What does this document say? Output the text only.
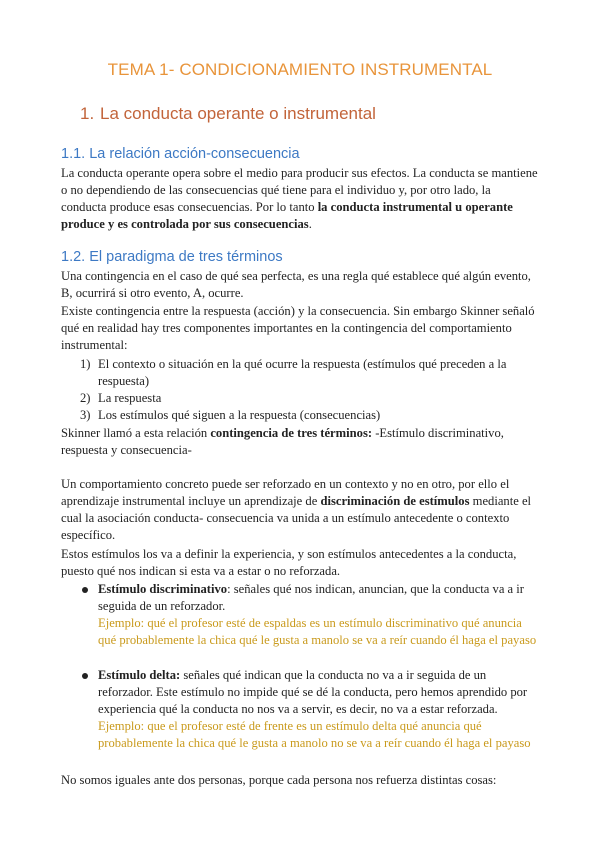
TEMA 1- CONDICIONAMIENTO INSTRUMENTAL
1. La conducta operante o instrumental
1.1. La relación acción-consecuencia
La conducta operante opera sobre el medio para producir sus efectos. La conducta se mantiene o no dependiendo de las consecuencias qué tiene para el individuo y, por otro lado, la conducta produce esas consecuencias. Por lo tanto la conducta instrumental u operante produce y es controlada por sus consecuencias.
1.2. El paradigma de tres términos
Una contingencia en el caso de qué sea perfecta, es una regla qué establece qué algún evento, B, ocurrirá si otro evento, A, ocurre.
Existe contingencia entre la respuesta (acción) y la consecuencia. Sin embargo Skinner señaló qué en realidad hay tres componentes importantes en la contingencia del comportamiento instrumental:
1) El contexto o situación en la qué ocurre la respuesta (estímulos qué preceden a la respuesta)
2) La respuesta
3) Los estímulos qué siguen a la respuesta (consecuencias)
Skinner llamó a esta relación contingencia de tres términos: -Estímulo discriminativo, respuesta y consecuencia-
Un comportamiento concreto puede ser reforzado en un contexto y no en otro, por ello el aprendizaje instrumental incluye un aprendizaje de discriminación de estímulos mediante el cual la asociación conducta- consecuencia va unida a un estímulo antecedente o contexto específico.
Estos estímulos los va a definir la experiencia, y son estímulos antecedentes a la conducta, puesto qué nos indican si esta va a estar o no reforzada.
Estímulo discriminativo: señales qué nos indican, anuncian, que la conducta va a ir seguida de un reforzador.
Ejemplo: qué el profesor esté de espaldas es un estímulo discriminativo qué anuncia qué probablemente la chica qué le gusta a manolo se va a reír cuando él haga el payaso
Estímulo delta: señales qué indican que la conducta no va a ir seguida de un reforzador. Este estímulo no impide qué se dé la conducta, pero hemos aprendido por experiencia qué la conducta no nos va a servir, es decir, no va a estar reforzada.
Ejemplo: que el profesor esté de frente es un estímulo delta qué anuncia qué probablemente la chica qué le gusta a manolo no se va a reír cuando él haga el payaso
No somos iguales ante dos personas, porque cada persona nos refuerza distintas cosas:
